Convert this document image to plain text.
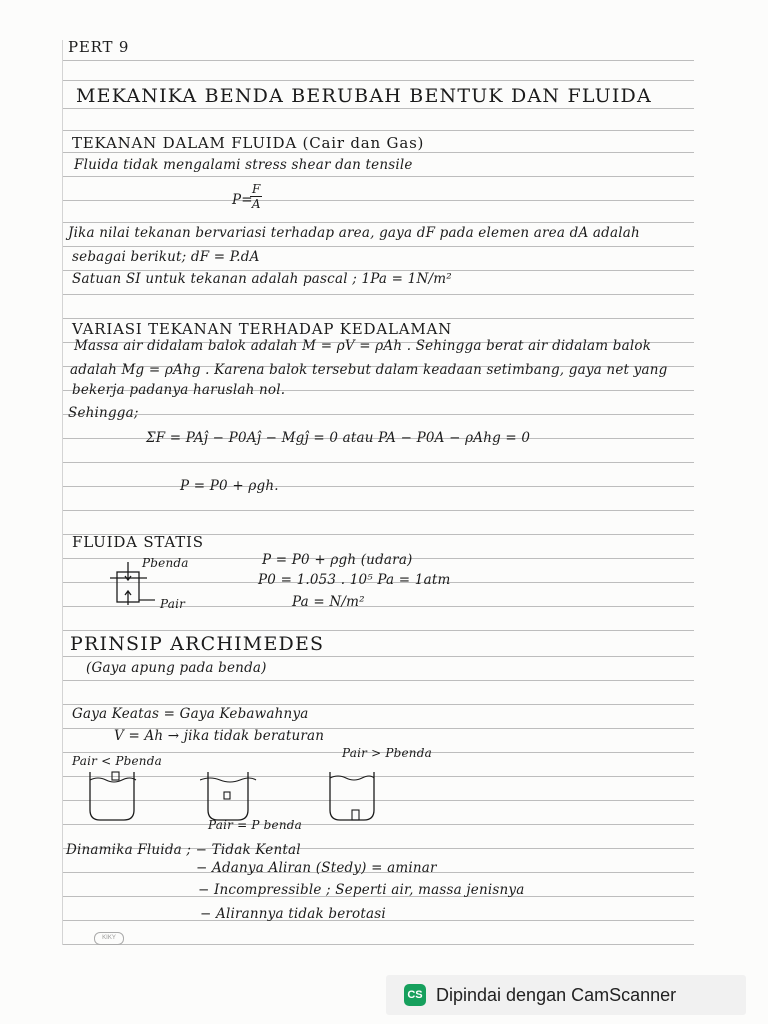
PERT 9
MEKANIKA BENDA BERUBAH BENTUK DAN FLUIDA
TEKANAN DALAM FLUIDA (Cair dan Gas)
Fluida tidak mengalami stress shear dan tensile
P=
$\frac{F}{A}$
Jika nilai tekanan bervariasi terhadap area, gaya dF pada elemen area dA adalah
sebagai berikut; dF = P.dA
Satuan SI untuk tekanan adalah pascal ; 1Pa = 1N/m²
VARIASI TEKANAN TERHADAP KEDALAMAN
Massa air didalam balok adalah M = ρV = ρAh . Sehingga berat air didalam balok
adalah Mg = ρAhg . Karena balok tersebut dalam keadaan setimbang, gaya net yang
bekerja padanya haruslah nol.
Sehingga;
ΣF = PAĵ − P0Aĵ − Mgĵ = 0 atau PA − P0A − ρAhg = 0
P = P0 + ρgh.
FLUIDA STATIS
Pbenda
Pair
P = P0 + ρgh (udara)
P0 = 1.053 . 10⁵ Pa = 1atm
Pa = N/m²
PRINSIP ARCHIMEDES
(Gaya apung pada benda)
Gaya Keatas = Gaya Kebawahnya
V = Ah → jika tidak beraturan
Pair < Pbenda
Pair > Pbenda
Pair = P benda
Dinamika Fluida ; − Tidak Kental
− Adanya Aliran (Stedy) = aminar
− Incompressible ; Seperti air, massa jenisnya
− Alirannya tidak berotasi
KIKY
CS Dipindai dengan CamScanner
